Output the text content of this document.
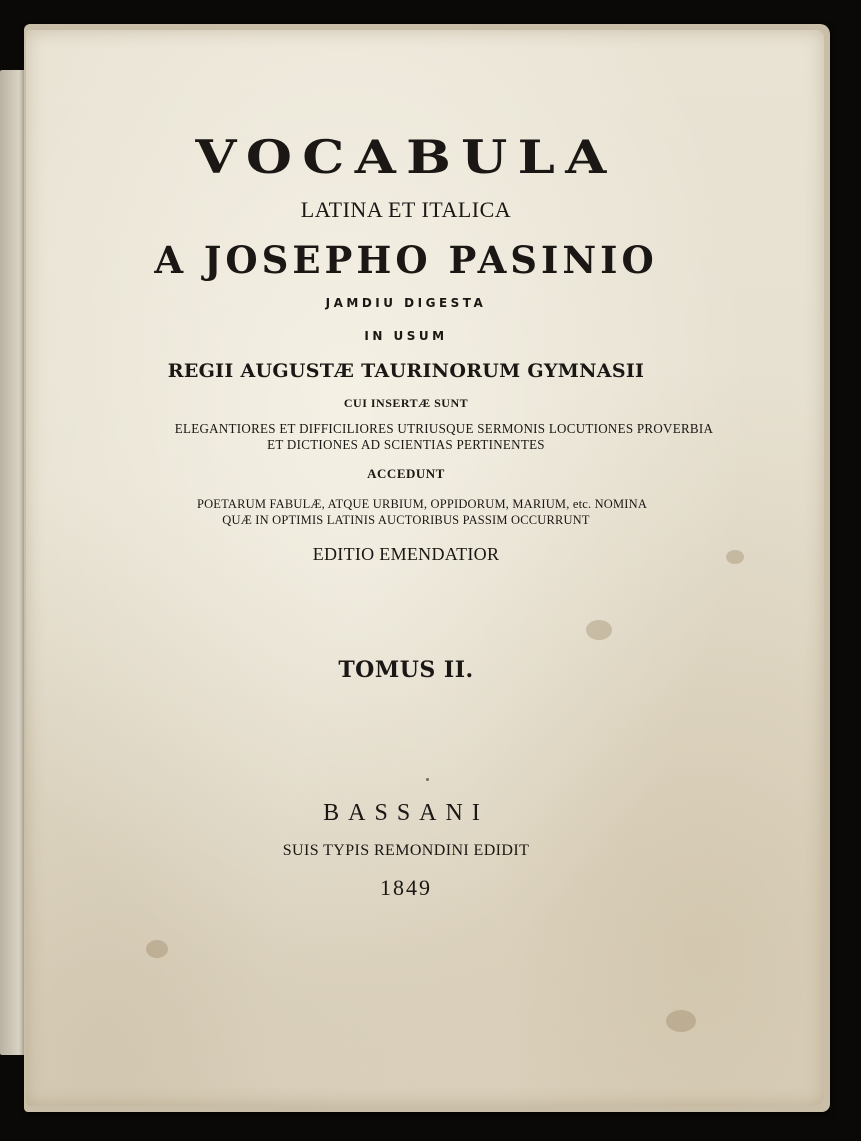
VOCABULA
LATINA ET ITALICA
A JOSEPHO PASINIO
JAMDIU DIGESTA
IN USUM
REGII AUGUSTÆ TAURINORUM GYMNASII
CUI INSERTÆ SUNT
ELEGANTIORES ET DIFFICILIORES UTRIUSQUE SERMONIS LOCUTIONES PROVERBIA
ET DICTIONES AD SCIENTIAS PERTINENTES
ACCEDUNT
POETARUM FABULÆ, ATQUE URBIUM, OPPIDORUM, MARIUM, etc. NOMINA
QUÆ IN OPTIMIS LATINIS AUCTORIBUS PASSIM OCCURRUNT
EDITIO EMENDATIOR
TOMUS II.
BASSANI
SUIS TYPIS REMONDINI EDIDIT
1849
